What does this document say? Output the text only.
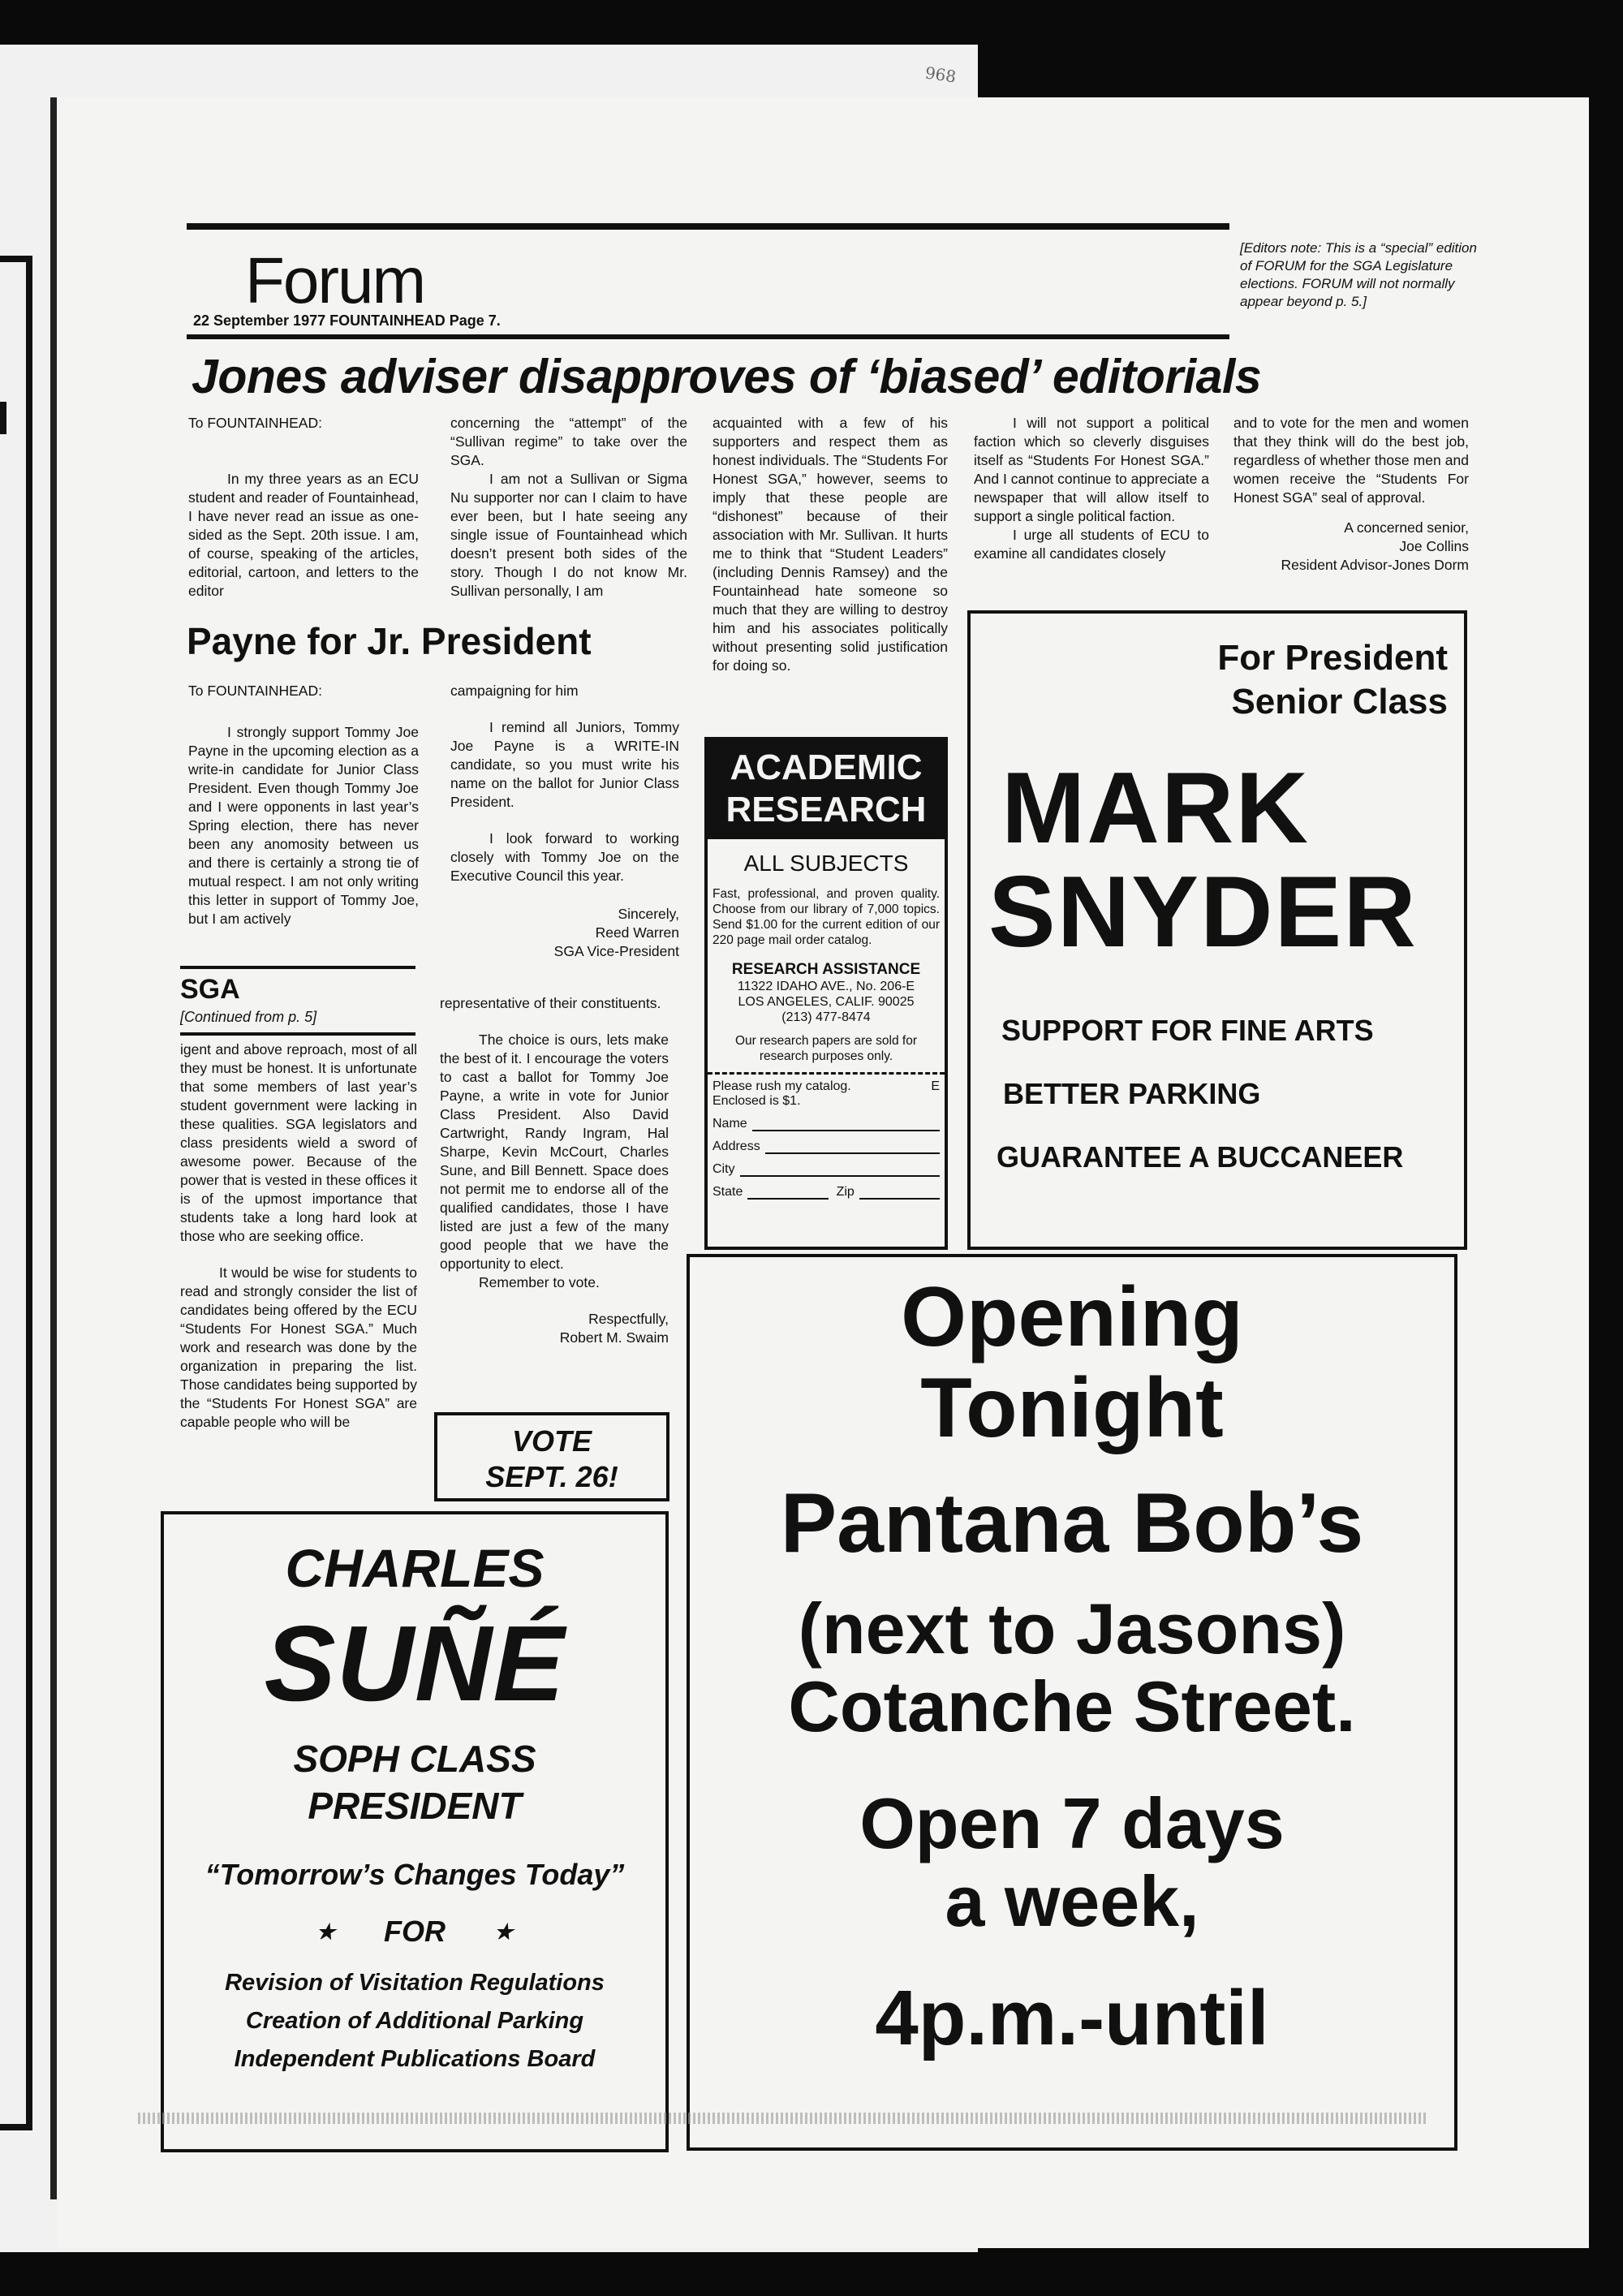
968
Forum
22 September 1977 FOUNTAINHEAD Page 7.
[Editors note: This is a “special” edition of FORUM for the SGA Legislature elections. FORUM will not normally appear beyond p. 5.]
Jones adviser disapproves of ‘biased’ editorials

To FOUNTAINHEAD:

In my three years as an ECU student and reader of Fountainhead, I have never read an issue as one-sided as the Sept. 20th issue. I am, of course, speaking of the articles, editorial, cartoon, and letters to the editor

concerning the “attempt” of the “Sullivan regime” to take over the SGA.

I am not a Sullivan or Sigma Nu supporter nor can I claim to have ever been, but I hate seeing any single issue of Fountainhead which doesn’t present both sides of the story. Though I do not know Mr. Sullivan personally, I am

acquainted with a few of his supporters and respect them as honest individuals. The “Students For Honest SGA,” however, seems to imply that these people are “dishonest” because of their association with Mr. Sullivan. It hurts me to think that “Student Leaders” (including Dennis Ramsey) and the Fountainhead hate someone so much that they are willing to destroy him and his associates politically without presenting solid justification for doing so.

I will not support a political faction which so cleverly disguises itself as “Students For Honest SGA.” And I cannot continue to appreciate a newspaper that will allow itself to support a single political faction.

I urge all students of ECU to examine all candidates closely

and to vote for the men and women that they think will do the best job, regardless of whether those men and women receive the “Students For Honest SGA” seal of approval.

A concerned senior,

Joe Collins

Resident Advisor-Jones Dorm

Payne for Jr. President

To FOUNTAINHEAD:

I strongly support Tommy Joe Payne in the upcoming election as a write-in candidate for Junior Class President. Even though Tommy Joe and I were opponents in last year’s Spring election, there has never been any anomosity between us and there is certainly a strong tie of mutual respect. I am not only writing this letter in support of Tommy Joe, but I am actively

campaigning for him

I remind all Juniors, Tommy Joe Payne is a WRITE-IN candidate, so you must write his name on the ballot for Junior Class President.

I look forward to working closely with Tommy Joe on the Executive Council this year.

Sincerely,

Reed Warren

SGA Vice-President

SGA
[Continued from p. 5]

igent and above reproach, most of all they must be honest. It is unfortunate that some members of last year’s student government were lacking in these qualities. SGA legislators and class presidents wield a sword of awesome power. Because of the power that is vested in these offices it is of the upmost importance that students take a long hard look at those who are seeking office.

It would be wise for students to read and strongly consider the list of candidates being offered by the ECU “Students For Honest SGA.” Much work and research was done by the organization in preparing the list. Those candidates being supported by the “Students For Honest SGA” are capable people who will be

representative of their constituents.

The choice is ours, lets make the best of it. I encourage the voters to cast a ballot for Tommy Joe Payne, a write in vote for Junior Class President. Also David Cartwright, Randy Ingram, Hal Sharpe, Kevin McCourt, Charles Sune, and Bill Bennett. Space does not permit me to endorse all of the qualified candidates, those I have listed are just a few of the many good people that we have the opportunity to elect.

Remember to vote.

Respectfully,

Robert M. Swaim

VOTE
SEPT. 26!
ACADEMIC
RESEARCH
ALL SUBJECTS
Fast, professional, and proven quality. Choose from our library of 7,000 topics. Send $1.00 for the current edition of our 220 page mail order catalog.
RESEARCH ASSISTANCE
11322 IDAHO AVE., No. 206-E
LOS ANGELES, CALIF. 90025
(213) 477-8474
Our research papers are sold for research purposes only.
Please rush my catalog.	E
Enclosed is $1.
Name
Address
City
State	Zip
For President
Senior Class
MARK
SNYDER
SUPPORT FOR FINE ARTS
BETTER PARKING
GUARANTEE A BUCCANEER
CHARLES
SUÑÉ
SOPH CLASS
PRESIDENT
“Tomorrow’s Changes Today”
★ FOR ★
Revision of Visitation Regulations
Creation of Additional Parking
Independent Publications Board
Opening
Tonight
Pantana Bob’s
(next to Jasons)
Cotanche Street.
Open 7 days
a week,
4p.m.-until
